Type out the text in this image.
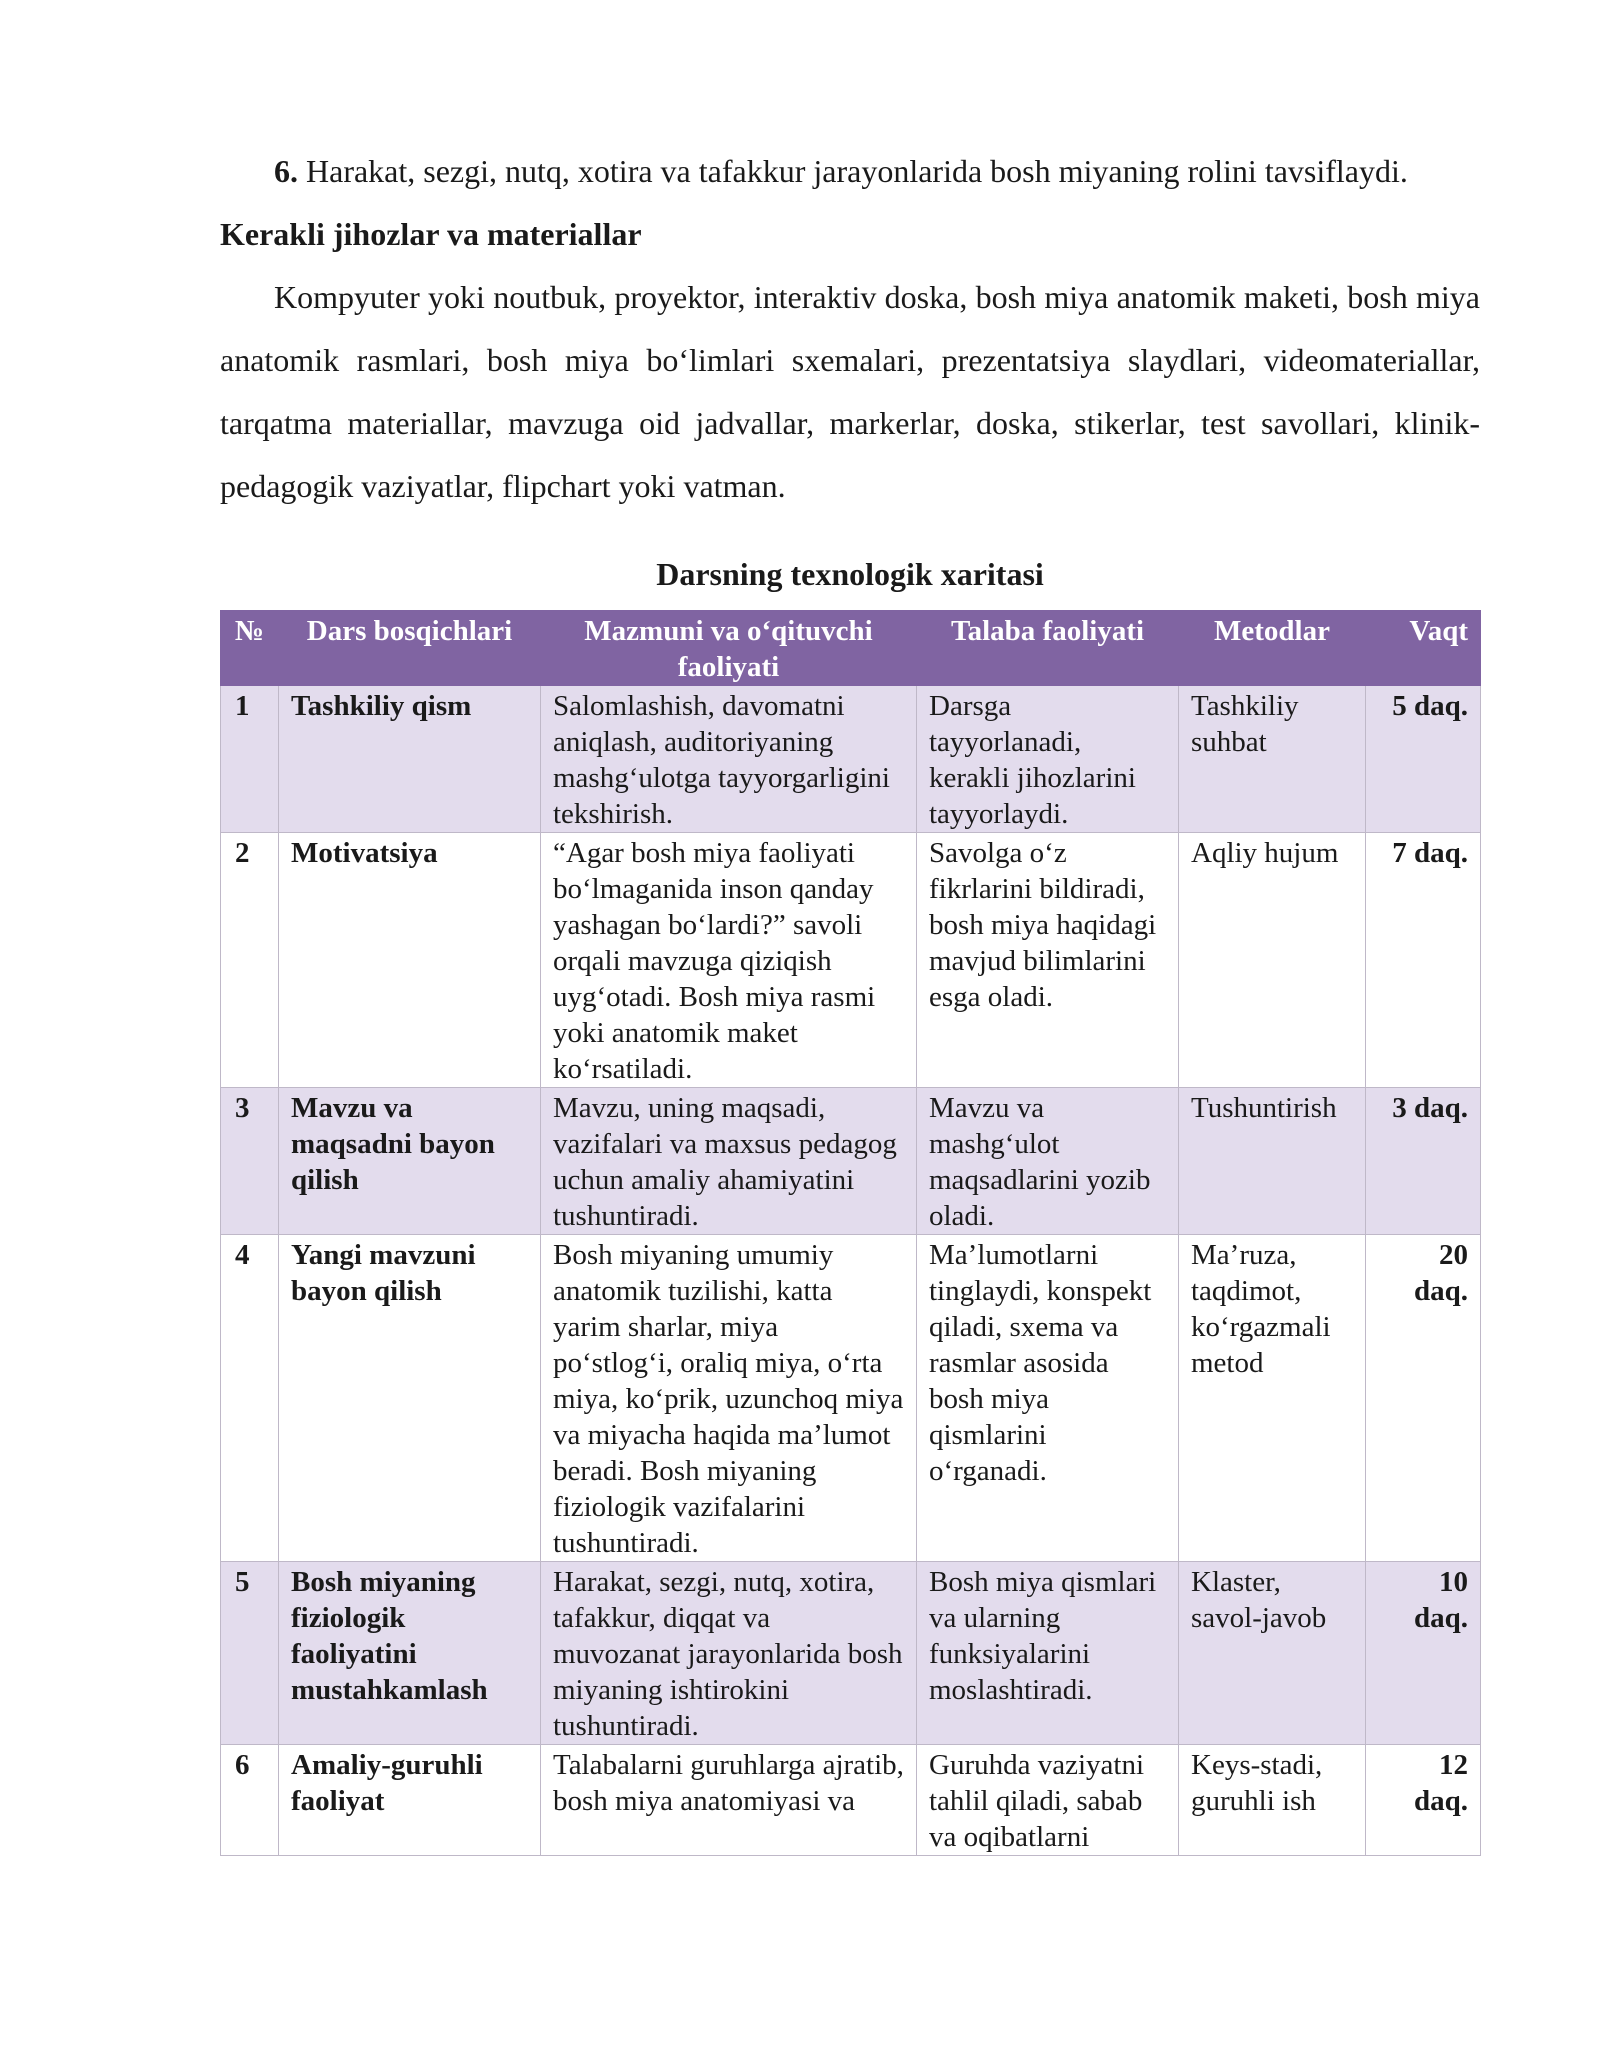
6. Harakat, sezgi, nutq, xotira va tafakkur jarayonlarida bosh miyaning rolini tavsiflaydi.

Kerakli jihozlar va materiallar

Kompyuter yoki noutbuk, proyektor, interaktiv doska, bosh miya anatomik maketi, bosh miya anatomik rasmlari, bosh miya bo‘limlari sxemalari, prezentatsiya slaydlari, videomateriallar, tarqatma materiallar, mavzuga oid jadvallar, markerlar, doska, stikerlar, test savollari, klinik-pedagogik vaziyatlar, flipchart yoki vatman.

Darsning texnologik xaritasi

№	Dars bosqichlari	Mazmuni va o‘qituvchi faoliyati	Talaba faoliyati	Metodlar	Vaqt
1	Tashkiliy qism	Salomlashish, davomatni aniqlash, auditoriyaning mashg‘ulotga tayyorgarligini tekshirish.	Darsga tayyorlanadi, kerakli jihozlarini tayyorlaydi.	Tashkiliy suhbat	5 daq.
2	Motivatsiya	“Agar bosh miya faoliyati bo‘lmaganida inson qanday yashagan bo‘lardi?” savoli orqali mavzuga qiziqish uyg‘otadi. Bosh miya rasmi yoki anatomik maket ko‘rsatiladi.	Savolga o‘z fikrlarini bildiradi, bosh miya haqidagi mavjud bilimlarini esga oladi.	Aqliy hujum	7 daq.
3	Mavzu va maqsadni bayon qilish	Mavzu, uning maqsadi, vazifalari va maxsus pedagog uchun amaliy ahamiyatini tushuntiradi.	Mavzu va mashg‘ulot maqsadlarini yozib oladi.	Tushuntirish	3 daq.
4	Yangi mavzuni bayon qilish	Bosh miyaning umumiy anatomik tuzilishi, katta yarim sharlar, miya po‘stlog‘i, oraliq miya, o‘rta miya, ko‘prik, uzunchoq miya va miyacha haqida ma’lumot beradi. Bosh miyaning fiziologik vazifalarini tushuntiradi.	Ma’lumotlarni tinglaydi, konspekt qiladi, sxema va rasmlar asosida bosh miya qismlarini o‘rganadi.	Ma’ruza, taqdimot, ko‘rgazmali metod	20 daq.
5	Bosh miyaning fiziologik faoliyatini mustahkamlash	Harakat, sezgi, nutq, xotira, tafakkur, diqqat va muvozanat jarayonlarida bosh miyaning ishtirokini tushuntiradi.	Bosh miya qismlari va ularning funksiyalarini moslashtiradi.	Klaster, savol-javob	10 daq.
6	Amaliy-guruhli faoliyat	Talabalarni guruhlarga ajratib, bosh miya anatomiyasi va	Guruhda vaziyatni tahlil qiladi, sabab va oqibatlarni	Keys-stadi, guruhli ish	12 daq.
